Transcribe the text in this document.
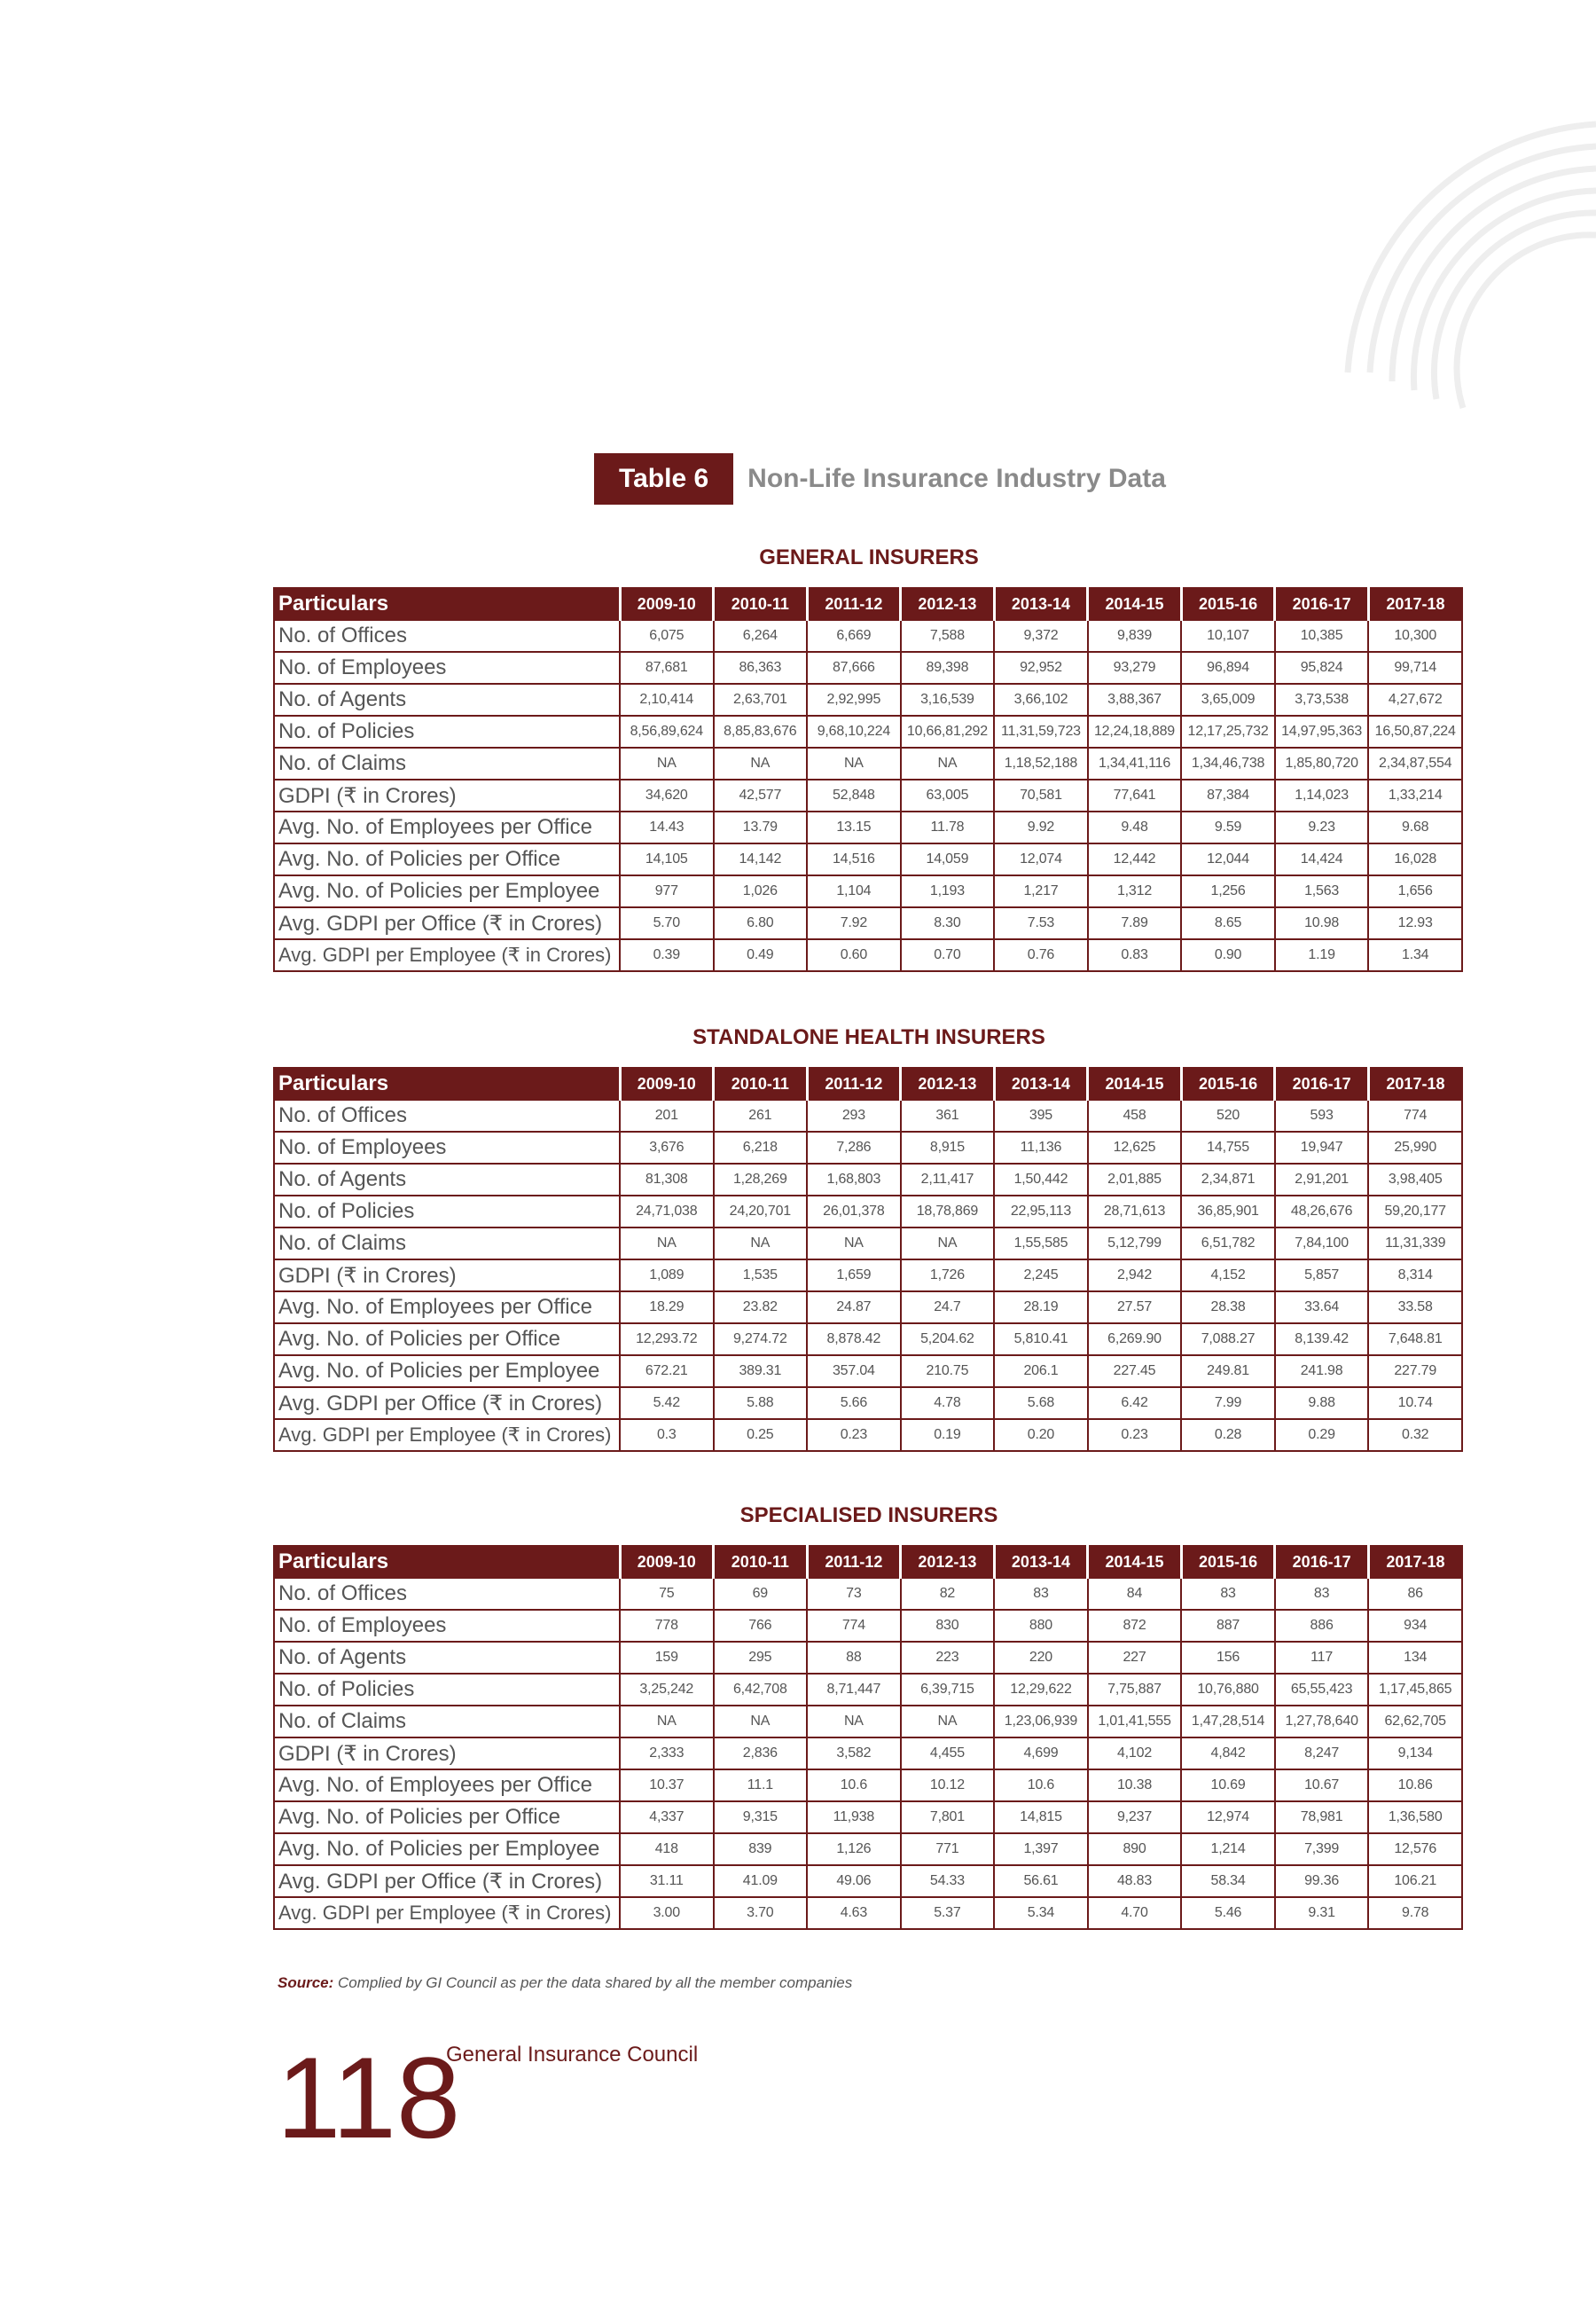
Table 6	Non-Life Insurance Industry Data
GENERAL INSURERS
Particulars	2009-10	2010-11	2011-12	2012-13	2013-14	2014-15	2015-16	2016-17	2017-18
No. of Offices	6,075	6,264	6,669	7,588	9,372	9,839	10,107	10,385	10,300
No. of Employees	87,681	86,363	87,666	89,398	92,952	93,279	96,894	95,824	99,714
No. of Agents	2,10,414	2,63,701	2,92,995	3,16,539	3,66,102	3,88,367	3,65,009	3,73,538	4,27,672
No. of Policies	8,56,89,624	8,85,83,676	9,68,10,224	10,66,81,292	11,31,59,723	12,24,18,889	12,17,25,732	14,97,95,363	16,50,87,224
No. of Claims	NA	NA	NA	NA	1,18,52,188	1,34,41,116	1,34,46,738	1,85,80,720	2,34,87,554
GDPI (₹ in Crores)	34,620	42,577	52,848	63,005	70,581	77,641	87,384	1,14,023	1,33,214
Avg. No. of Employees per Office	14.43	13.79	13.15	11.78	9.92	9.48	9.59	9.23	9.68
Avg. No. of Policies per Office	14,105	14,142	14,516	14,059	12,074	12,442	12,044	14,424	16,028
Avg. No. of Policies per Employee	977	1,026	1,104	1,193	1,217	1,312	1,256	1,563	1,656
Avg. GDPI per Office (₹ in Crores)	5.70	6.80	7.92	8.30	7.53	7.89	8.65	10.98	12.93
Avg. GDPI per Employee (₹ in Crores)	0.39	0.49	0.60	0.70	0.76	0.83	0.90	1.19	1.34
STANDALONE HEALTH INSURERS
Particulars	2009-10	2010-11	2011-12	2012-13	2013-14	2014-15	2015-16	2016-17	2017-18
No. of Offices	201	261	293	361	395	458	520	593	774
No. of Employees	3,676	6,218	7,286	8,915	11,136	12,625	14,755	19,947	25,990
No. of Agents	81,308	1,28,269	1,68,803	2,11,417	1,50,442	2,01,885	2,34,871	2,91,201	3,98,405
No. of Policies	24,71,038	24,20,701	26,01,378	18,78,869	22,95,113	28,71,613	36,85,901	48,26,676	59,20,177
No. of Claims	NA	NA	NA	NA	1,55,585	5,12,799	6,51,782	7,84,100	11,31,339
GDPI (₹ in Crores)	1,089	1,535	1,659	1,726	2,245	2,942	4,152	5,857	8,314
Avg. No. of Employees per Office	18.29	23.82	24.87	24.7	28.19	27.57	28.38	33.64	33.58
Avg. No. of Policies per Office	12,293.72	9,274.72	8,878.42	5,204.62	5,810.41	6,269.90	7,088.27	8,139.42	7,648.81
Avg. No. of Policies per Employee	672.21	389.31	357.04	210.75	206.1	227.45	249.81	241.98	227.79
Avg. GDPI per Office (₹ in Crores)	5.42	5.88	5.66	4.78	5.68	6.42	7.99	9.88	10.74
Avg. GDPI per Employee (₹ in Crores)	0.3	0.25	0.23	0.19	0.20	0.23	0.28	0.29	0.32
SPECIALISED INSURERS
Particulars	2009-10	2010-11	2011-12	2012-13	2013-14	2014-15	2015-16	2016-17	2017-18
No. of Offices	75	69	73	82	83	84	83	83	86
No. of Employees	778	766	774	830	880	872	887	886	934
No. of Agents	159	295	88	223	220	227	156	117	134
No. of Policies	3,25,242	6,42,708	8,71,447	6,39,715	12,29,622	7,75,887	10,76,880	65,55,423	1,17,45,865
No. of Claims	NA	NA	NA	NA	1,23,06,939	1,01,41,555	1,47,28,514	1,27,78,640	62,62,705
GDPI (₹ in Crores)	2,333	2,836	3,582	4,455	4,699	4,102	4,842	8,247	9,134
Avg. No. of Employees per Office	10.37	11.1	10.6	10.12	10.6	10.38	10.69	10.67	10.86
Avg. No. of Policies per Office	4,337	9,315	11,938	7,801	14,815	9,237	12,974	78,981	1,36,580
Avg. No. of Policies per Employee	418	839	1,126	771	1,397	890	1,214	7,399	12,576
Avg. GDPI per Office (₹ in Crores)	31.11	41.09	49.06	54.33	56.61	48.83	58.34	99.36	106.21
Avg. GDPI per Employee (₹ in Crores)	3.00	3.70	4.63	5.37	5.34	4.70	5.46	9.31	9.78
Source: Complied by GI Council as per the data shared by all the member companies
118
General Insurance Council
